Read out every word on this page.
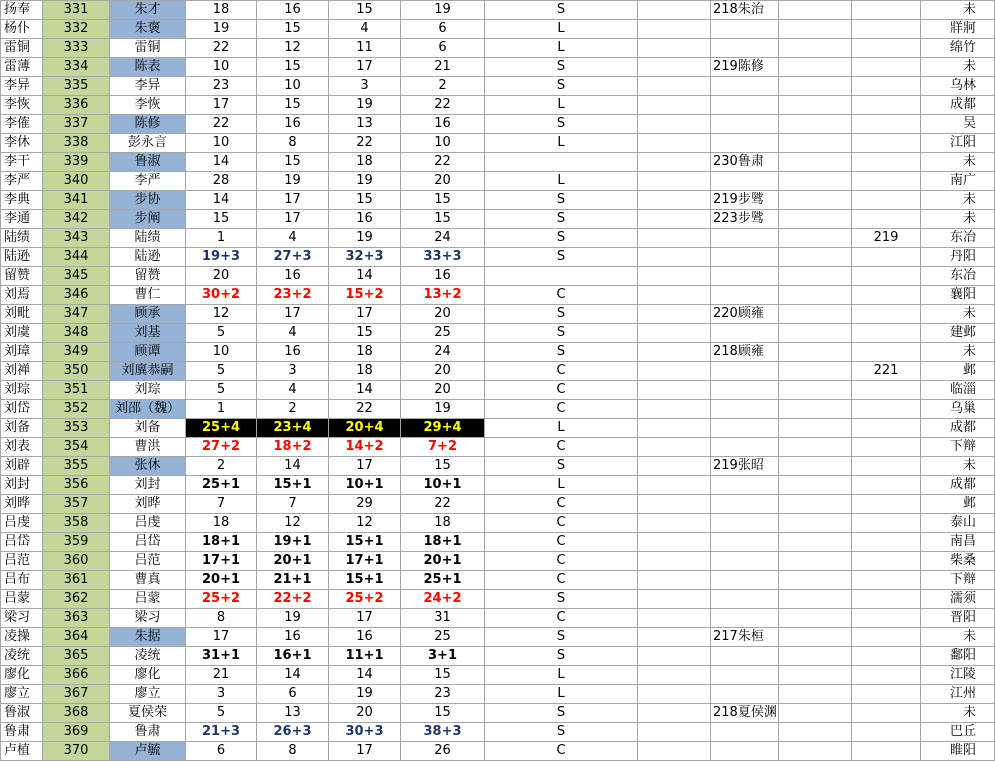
扬奉	331	朱才	18	16	15	19	S		218朱治			未
杨仆	332	朱褒	19	15	4	6	L					牂牁
雷铜	333	雷铜	22	12	11	6	L					绵竹
雷薄	334	陈表	10	15	17	21	S		219陈修			未
李异	335	李异	23	10	3	2	S					乌林
李恢	336	李恢	17	15	19	22	L					成都
李傕	337	陈修	22	16	13	16	S					吴
李休	338	彭永言	10	8	22	10	L					江阳
李干	339	鲁淑	14	15	18	22			230鲁肃			未
李严	340	李严	28	19	19	20	L					南广
李典	341	步协	14	17	15	15	S		219步骘			未
李通	342	步阐	15	17	16	15	S		223步骘			未
陆绩	343	陆绩	1	4	19	24	S				219	东冶
陆逊	344	陆逊	19+3	27+3	32+3	33+3	S					丹阳
留赞	345	留赞	20	16	14	16						东冶
刘焉	346	曹仁	30+2	23+2	15+2	13+2	C					襄阳
刘毗	347	顾承	12	17	17	20	S		220顾雍			未
刘虞	348	刘基	5	4	15	25	S					建邺
刘璋	349	顾谭	10	16	18	24	S		218顾雍			未
刘禅	350	刘廙恭嗣	5	3	18	20	C				221	邺
刘琮	351	刘琮	5	4	14	20	C					临淄
刘岱	352	刘邵（魏）	1	2	22	19	C					乌巢
刘备	353	刘备	25+4	23+4	20+4	29+4	L					成都
刘表	354	曹洪	27+2	18+2	14+2	7+2	C					下辩
刘辟	355	张休	2	14	17	15	S		219张昭			未
刘封	356	刘封	25+1	15+1	10+1	10+1	L					成都
刘晔	357	刘晔	7	7	29	22	C					邺
吕虔	358	吕虔	18	12	12	18	C					泰山
吕岱	359	吕岱	18+1	19+1	15+1	18+1	C					南昌
吕范	360	吕范	17+1	20+1	17+1	20+1	C					柴桑
吕布	361	曹真	20+1	21+1	15+1	25+1	C					下辩
吕蒙	362	吕蒙	25+2	22+2	25+2	24+2	S					濡须
梁习	363	梁习	8	19	17	31	C					晋阳
凌操	364	朱据	17	16	16	25	S		217朱桓			未
凌统	365	凌统	31+1	16+1	11+1	3+1	S					鄱阳
廖化	366	廖化	21	14	14	15	L					江陵
廖立	367	廖立	3	6	19	23	L					江州
鲁淑	368	夏侯荣	5	13	20	15	S		218夏侯渊			未
鲁肃	369	鲁肃	21+3	26+3	30+3	38+3	S					巴丘
卢植	370	卢毓	6	8	17	26	C					睢阳
